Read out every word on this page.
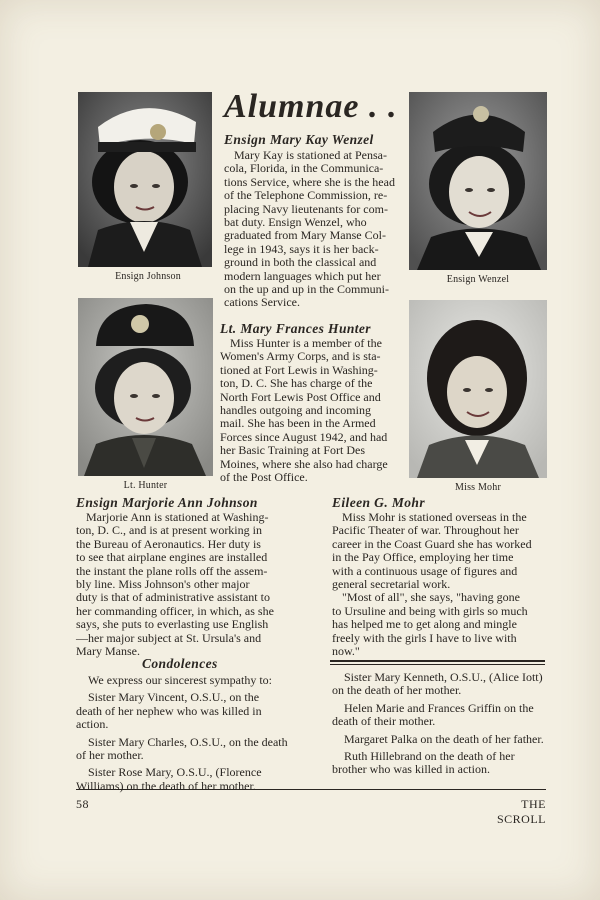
Alumnae . .
Ensign Johnson	Ensign Wenzel
Lt. Hunter	Miss Mohr
Ensign Mary Kay Wenzel
Mary Kay is stationed at Pensa-
cola, Florida, in the Communica-
tions Service, where she is the head
of the Telephone Commission, re-
placing Navy lieutenants for com-
bat duty. Ensign Wenzel, who
graduated from Mary Manse Col-
lege in 1943, says it is her back-
ground in both the classical and
modern languages which put her
on the up and up in the Communi-
cations Service.
Lt. Mary Frances Hunter
Miss Hunter is a member of the
Women's Army Corps, and is sta-
tioned at Fort Lewis in Washing-
ton, D. C. She has charge of the
North Fort Lewis Post Office and
handles outgoing and incoming
mail. She has been in the Armed
Forces since August 1942, and had
her Basic Training at Fort Des
Moines, where she also had charge
of the Post Office.
Ensign Marjorie Ann Johnson
Marjorie Ann is stationed at Washing-
ton, D. C., and is at present working in
the Bureau of Aeronautics. Her duty is
to see that airplane engines are installed
the instant the plane rolls off the assem-
bly line. Miss Johnson's other major
duty is that of administrative assistant to
her commanding officer, in which, as she
says, she puts to everlasting use English
—her major subject at St. Ursula's and
Mary Manse.
Eileen G. Mohr
Miss Mohr is stationed overseas in the
Pacific Theater of war. Throughout her
career in the Coast Guard she has worked
in the Pay Office, employing her time
with a continuous usage of figures and
general secretarial work.
"Most of all", she says, "having gone
to Ursuline and being with girls so much
has helped me to get along and mingle
freely with the girls I have to live with
now."
Condolences

We express our sincerest sympathy to:

Sister Mary Vincent, O.S.U., on the death of her nephew who was killed in action.

Sister Mary Charles, O.S.U., on the death of her mother.

Sister Rose Mary, O.S.U., (Florence Williams) on the death of her mother.

Sister Mary Kenneth, O.S.U., (Alice Iott) on the death of her mother.

Helen Marie and Frances Griffin on the death of their mother.

Margaret Palka on the death of her father.

Ruth Hillebrand on the death of her brother who was killed in action.

58	THE SCROLL
